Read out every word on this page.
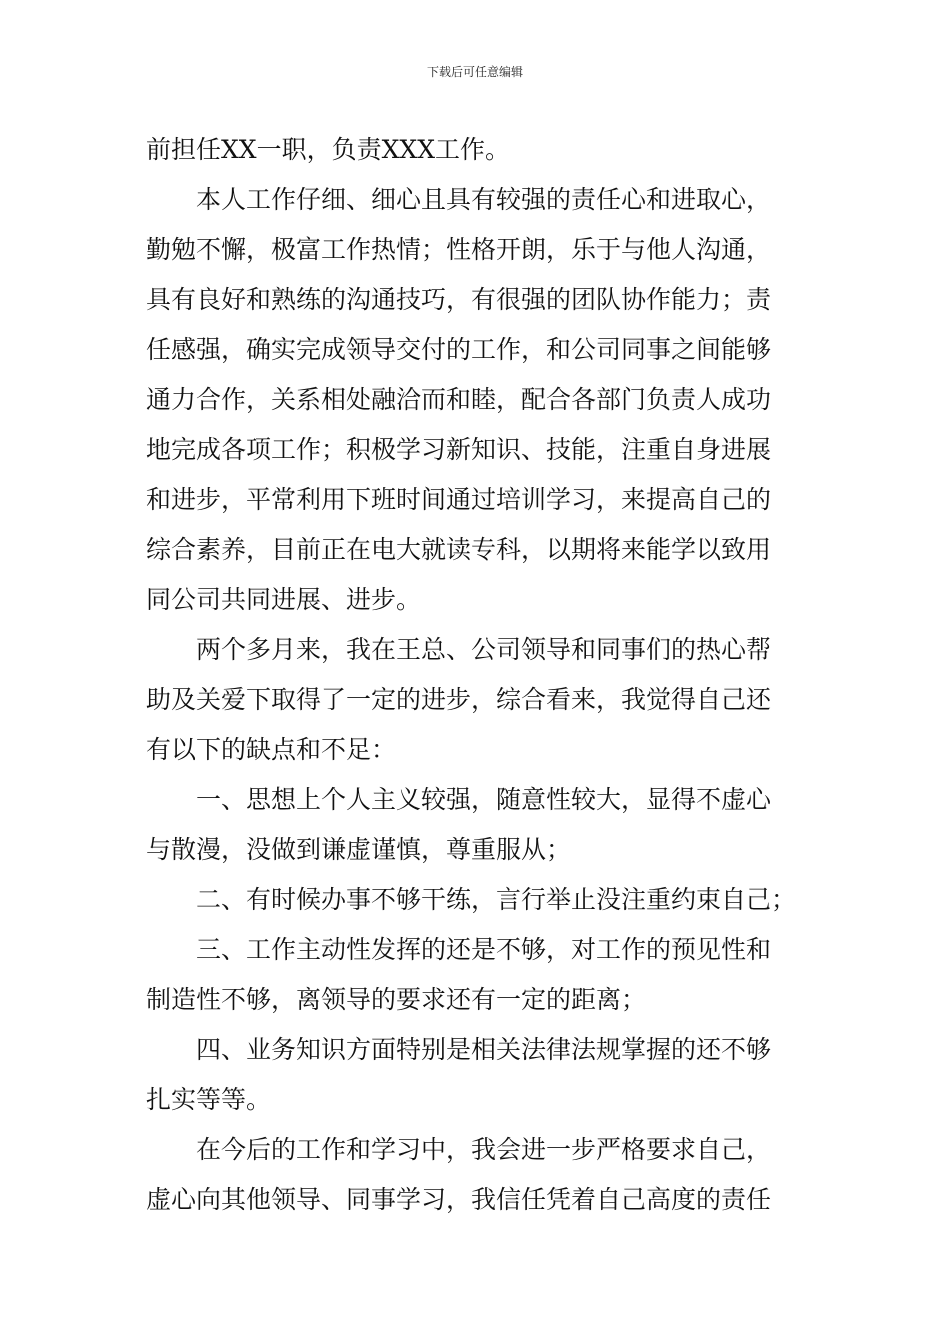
下载后可任意编辑
前担任XX一职，负责XXX工作。
本人工作仔细、细心且具有较强的责任心和进取心，
勤勉不懈，极富工作热情；性格开朗，乐于与他人沟通，
具有良好和熟练的沟通技巧，有很强的团队协作能力；责
任感强，确实完成领导交付的工作，和公司同事之间能够
通力合作，关系相处融洽而和睦，配合各部门负责人成功
地完成各项工作；积极学习新知识、技能，注重自身进展
和进步，平常利用下班时间通过培训学习，来提高自己的
综合素养，目前正在电大就读专科，以期将来能学以致用
同公司共同进展、进步。
两个多月来，我在王总、公司领导和同事们的热心帮
助及关爱下取得了一定的进步，综合看来，我觉得自己还
有以下的缺点和不足：
一、思想上个人主义较强，随意性较大，显得不虚心
与散漫，没做到谦虚谨慎，尊重服从；
二、有时候办事不够干练，言行举止没注重约束自己；
三、工作主动性发挥的还是不够，对工作的预见性和
制造性不够，离领导的要求还有一定的距离；
四、业务知识方面特别是相关法律法规掌握的还不够
扎实等等。
在今后的工作和学习中，我会进一步严格要求自己，
虚心向其他领导、同事学习，我信任凭着自己高度的责任
